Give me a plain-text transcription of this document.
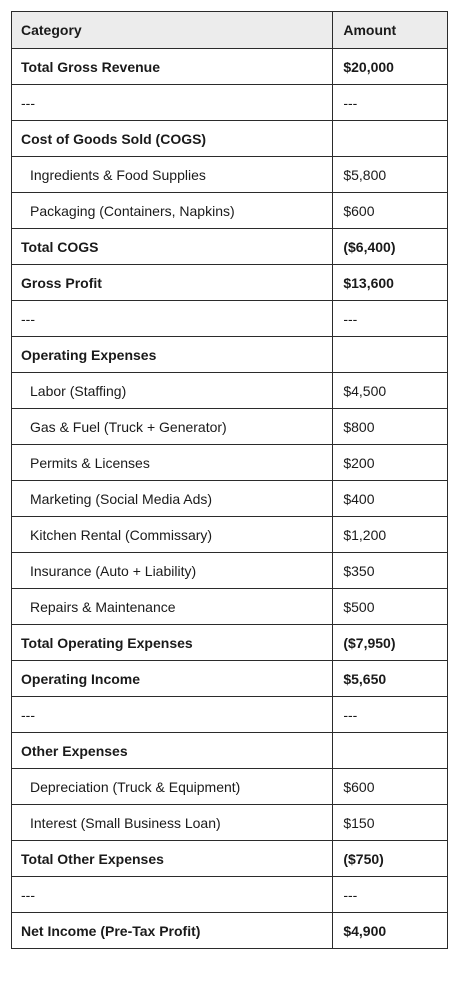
Category	Amount
Total Gross Revenue	$20,000
---	---
Cost of Goods Sold (COGS)	
Ingredients & Food Supplies	$5,800
Packaging (Containers, Napkins)	$600
Total COGS	($6,400)
Gross Profit	$13,600
---	---
Operating Expenses	
Labor (Staffing)	$4,500
Gas & Fuel (Truck + Generator)	$800
Permits & Licenses	$200
Marketing (Social Media Ads)	$400
Kitchen Rental (Commissary)	$1,200
Insurance (Auto + Liability)	$350
Repairs & Maintenance	$500
Total Operating Expenses	($7,950)
Operating Income	$5,650
---	---
Other Expenses	
Depreciation (Truck & Equipment)	$600
Interest (Small Business Loan)	$150
Total Other Expenses	($750)
---	---
Net Income (Pre-Tax Profit)	$4,900
